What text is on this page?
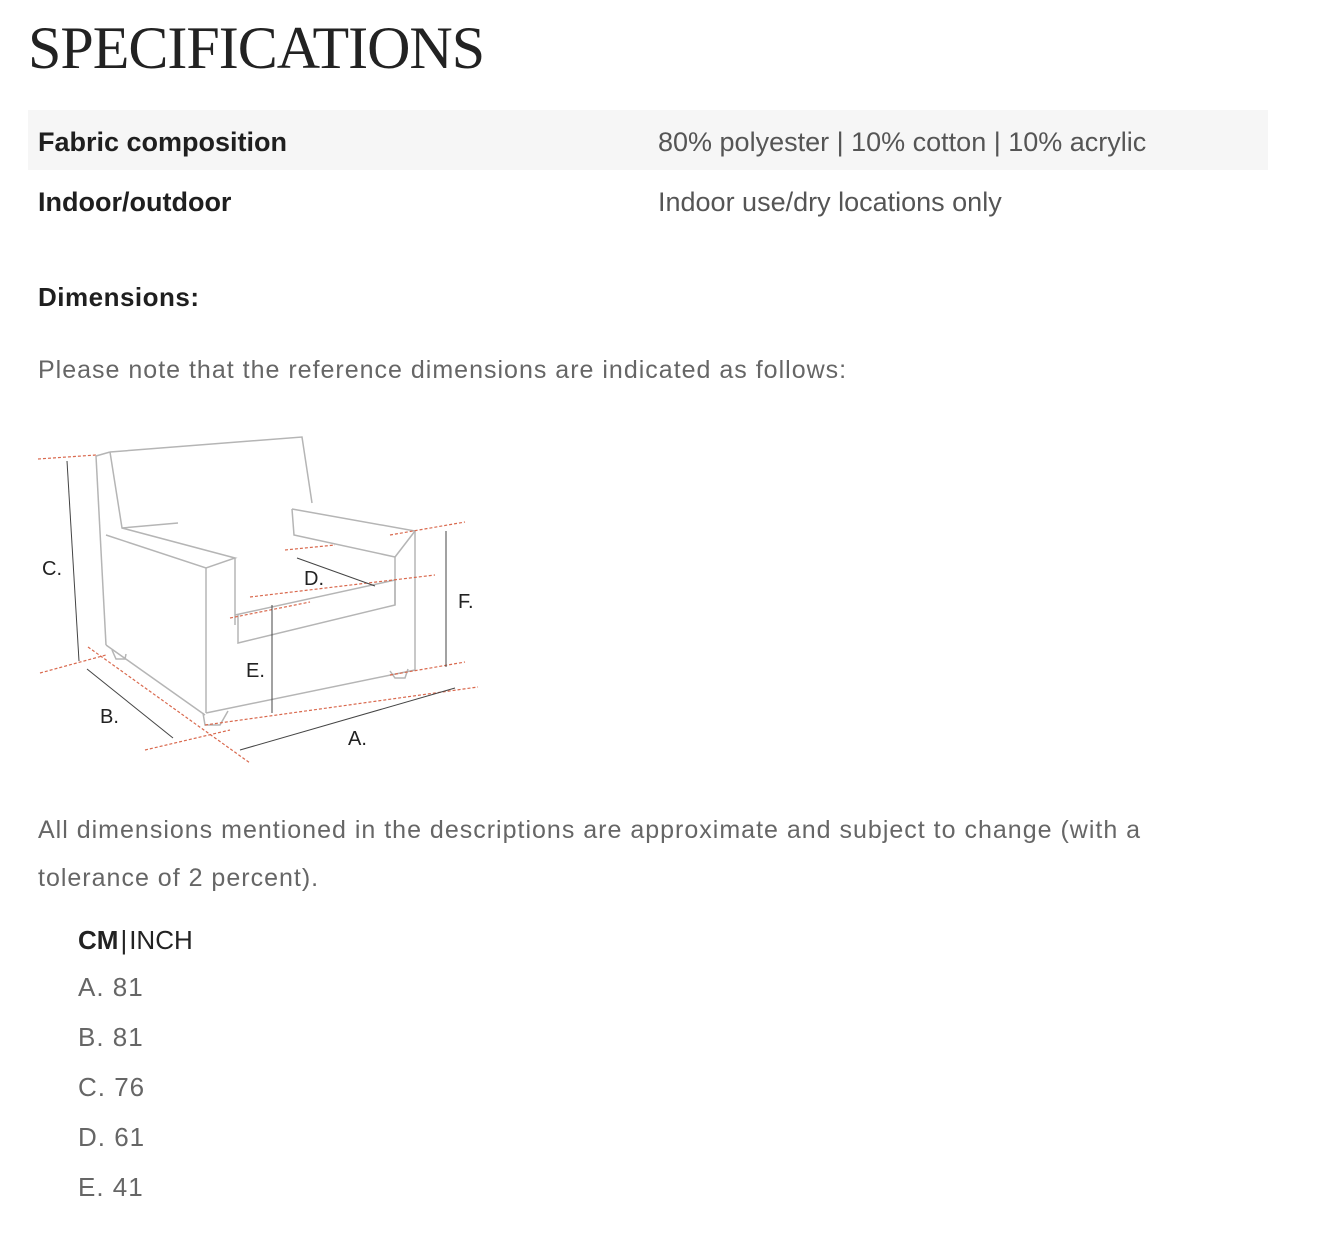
SPECIFICATIONS
Fabric composition	80% polyester | 10% cotton | 10% acrylic
Indoor/outdoor	Indoor use/dry locations only
Dimensions:

Please note that the reference dimensions are indicated as follows:

C.
B.
A.
E.
D.
F.

All dimensions mentioned in the descriptions are approximate and subject to change (with a tolerance of 2 percent).

CM|INCH
A. 81
B. 81
C. 76
D. 61
E. 41
